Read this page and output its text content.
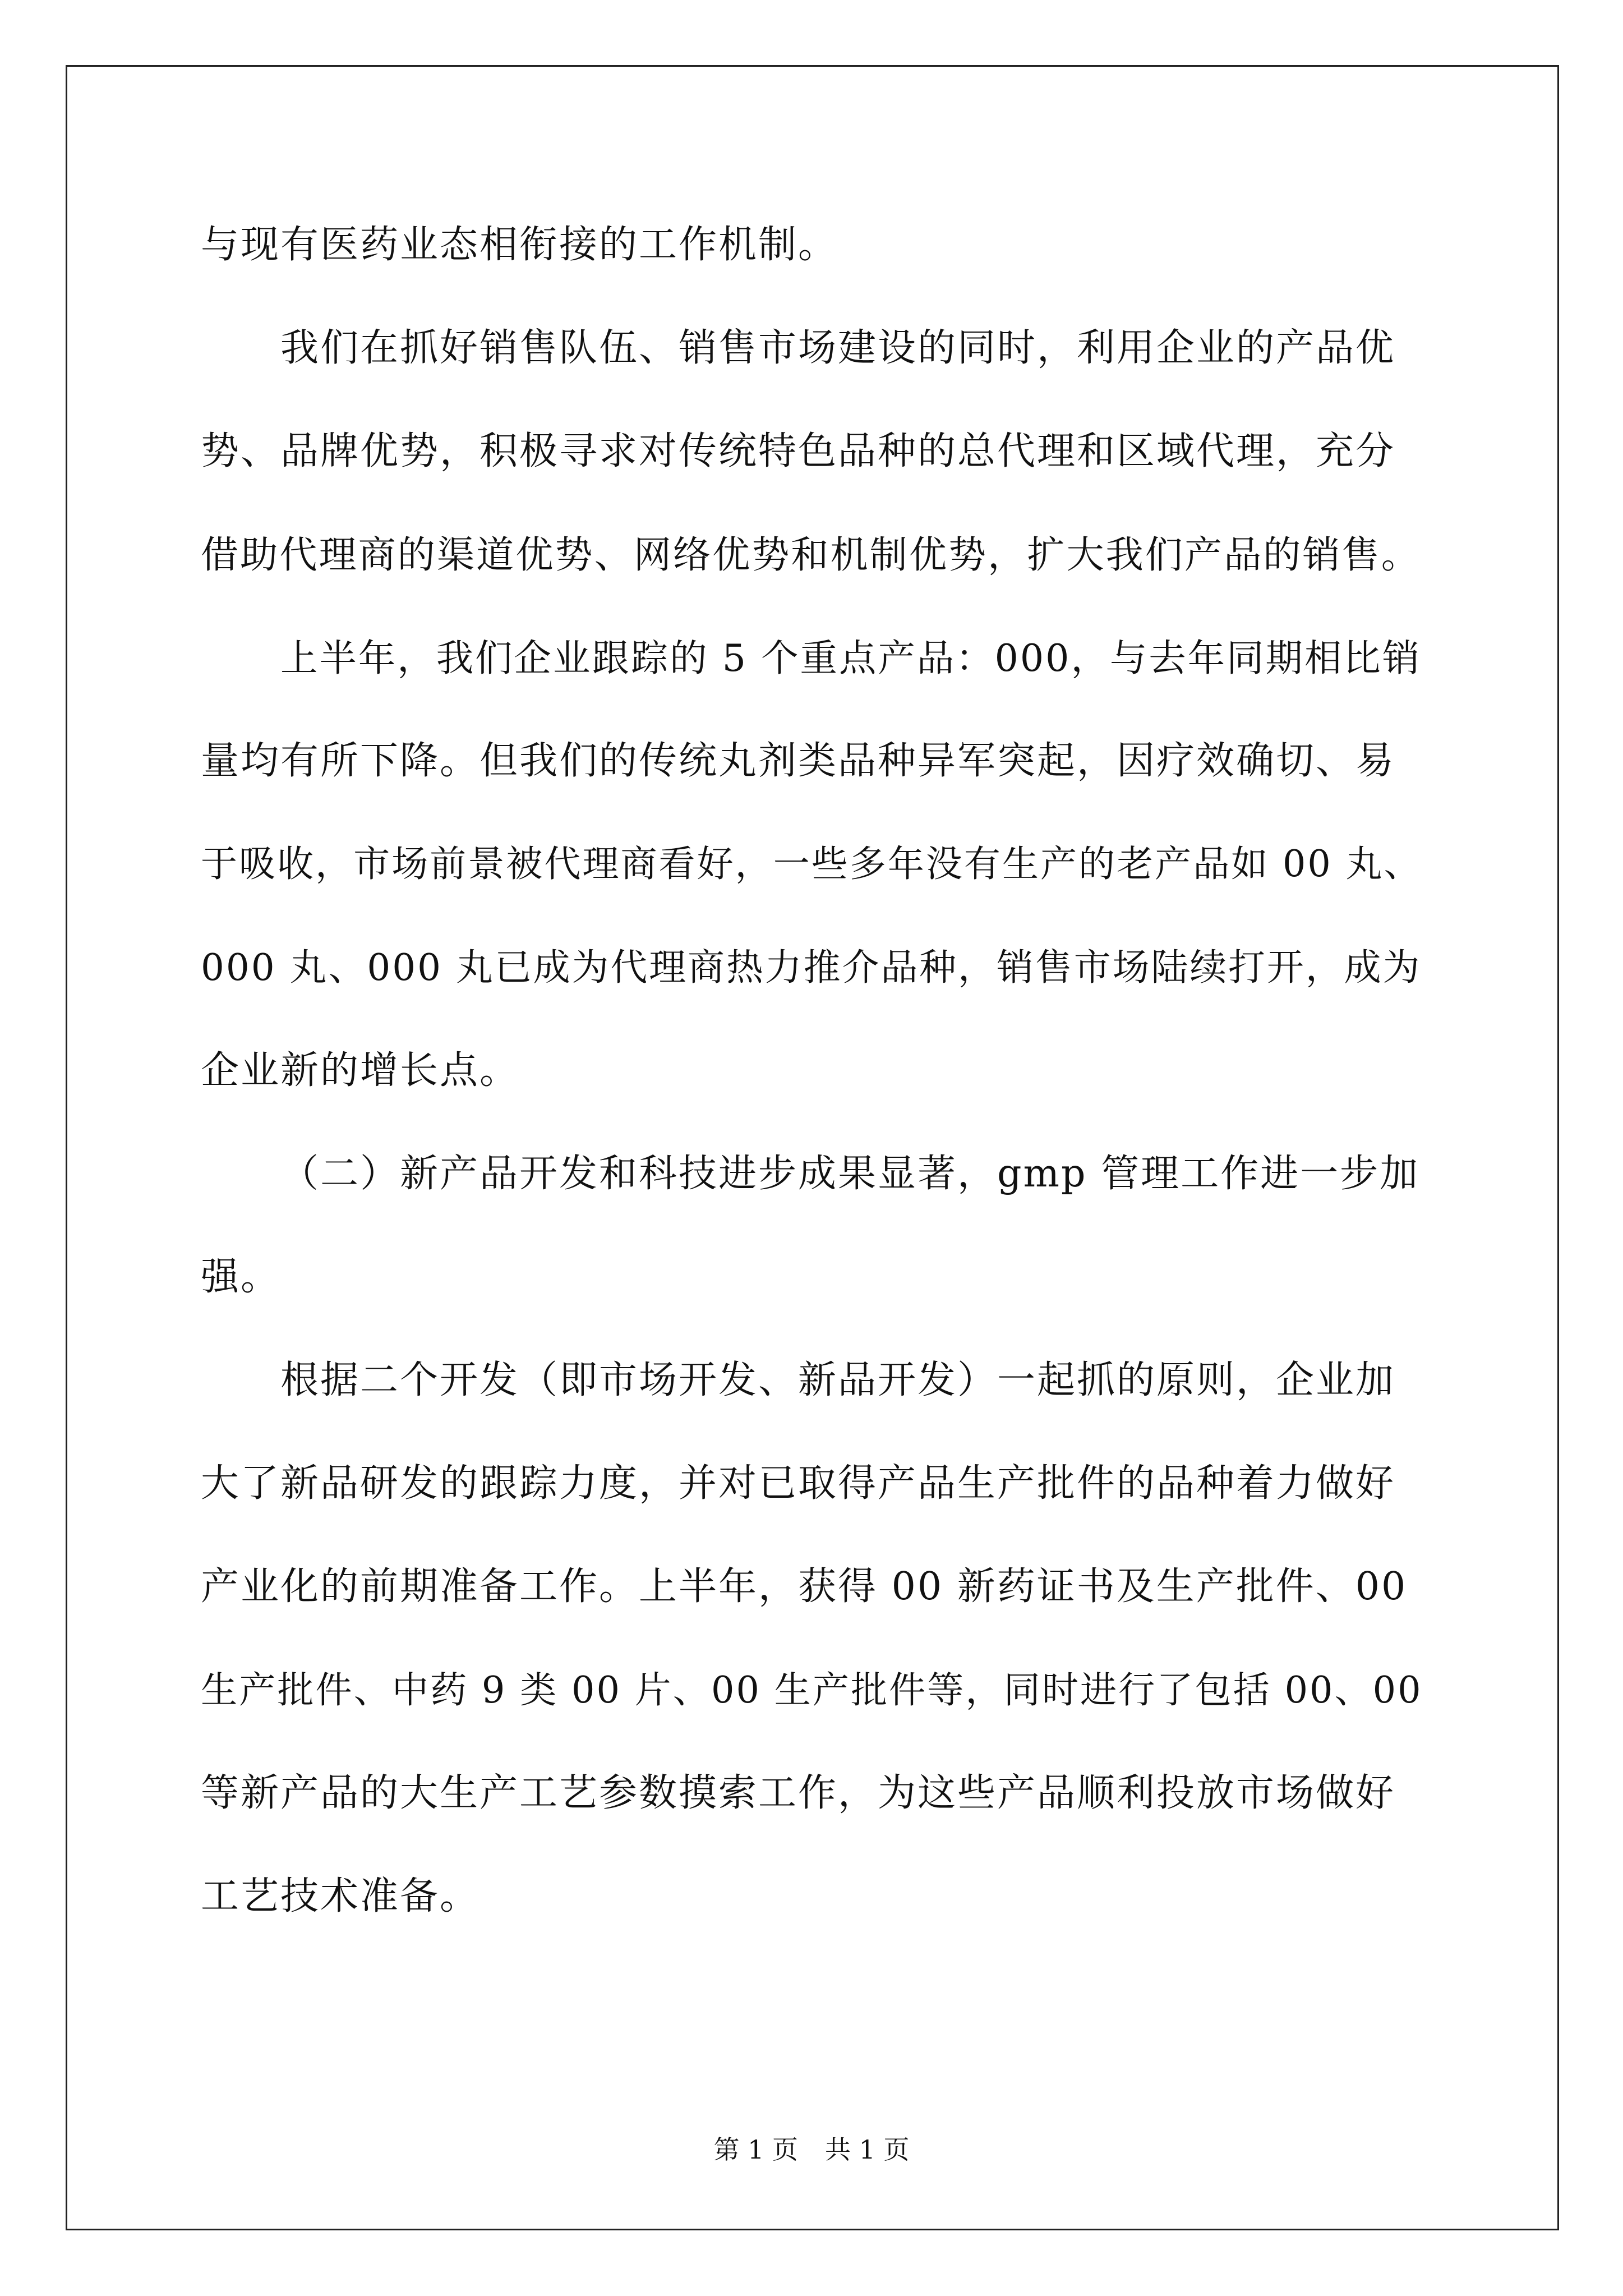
与现有医药业态相衔接的工作机制。

我们在抓好销售队伍、销售市场建设的同时，利用企业的产品优
势、品牌优势，积极寻求对传统特色品种的总代理和区域代理，充分
借助代理商的渠道优势、网络优势和机制优势，扩大我们产品的销售。

上半年，我们企业跟踪的 5 个重点产品：000，与去年同期相比销
量均有所下降。但我们的传统丸剂类品种异军突起，因疗效确切、易
于吸收，市场前景被代理商看好，一些多年没有生产的老产品如 00 丸、
000 丸、000 丸已成为代理商热力推介品种，销售市场陆续打开，成为
企业新的增长点。

（二）新产品开发和科技进步成果显著，gmp 管理工作进一步加
强。

根据二个开发（即市场开发、新品开发）一起抓的原则，企业加
大了新品研发的跟踪力度，并对已取得产品生产批件的品种着力做好
产业化的前期准备工作。上半年，获得 00 新药证书及生产批件、00
生产批件、中药 9 类 00 片、00 生产批件等，同时进行了包括 00、00
等新产品的大生产工艺参数摸索工作，为这些产品顺利投放市场做好
工艺技术准备。

第 1 页 共 1 页
